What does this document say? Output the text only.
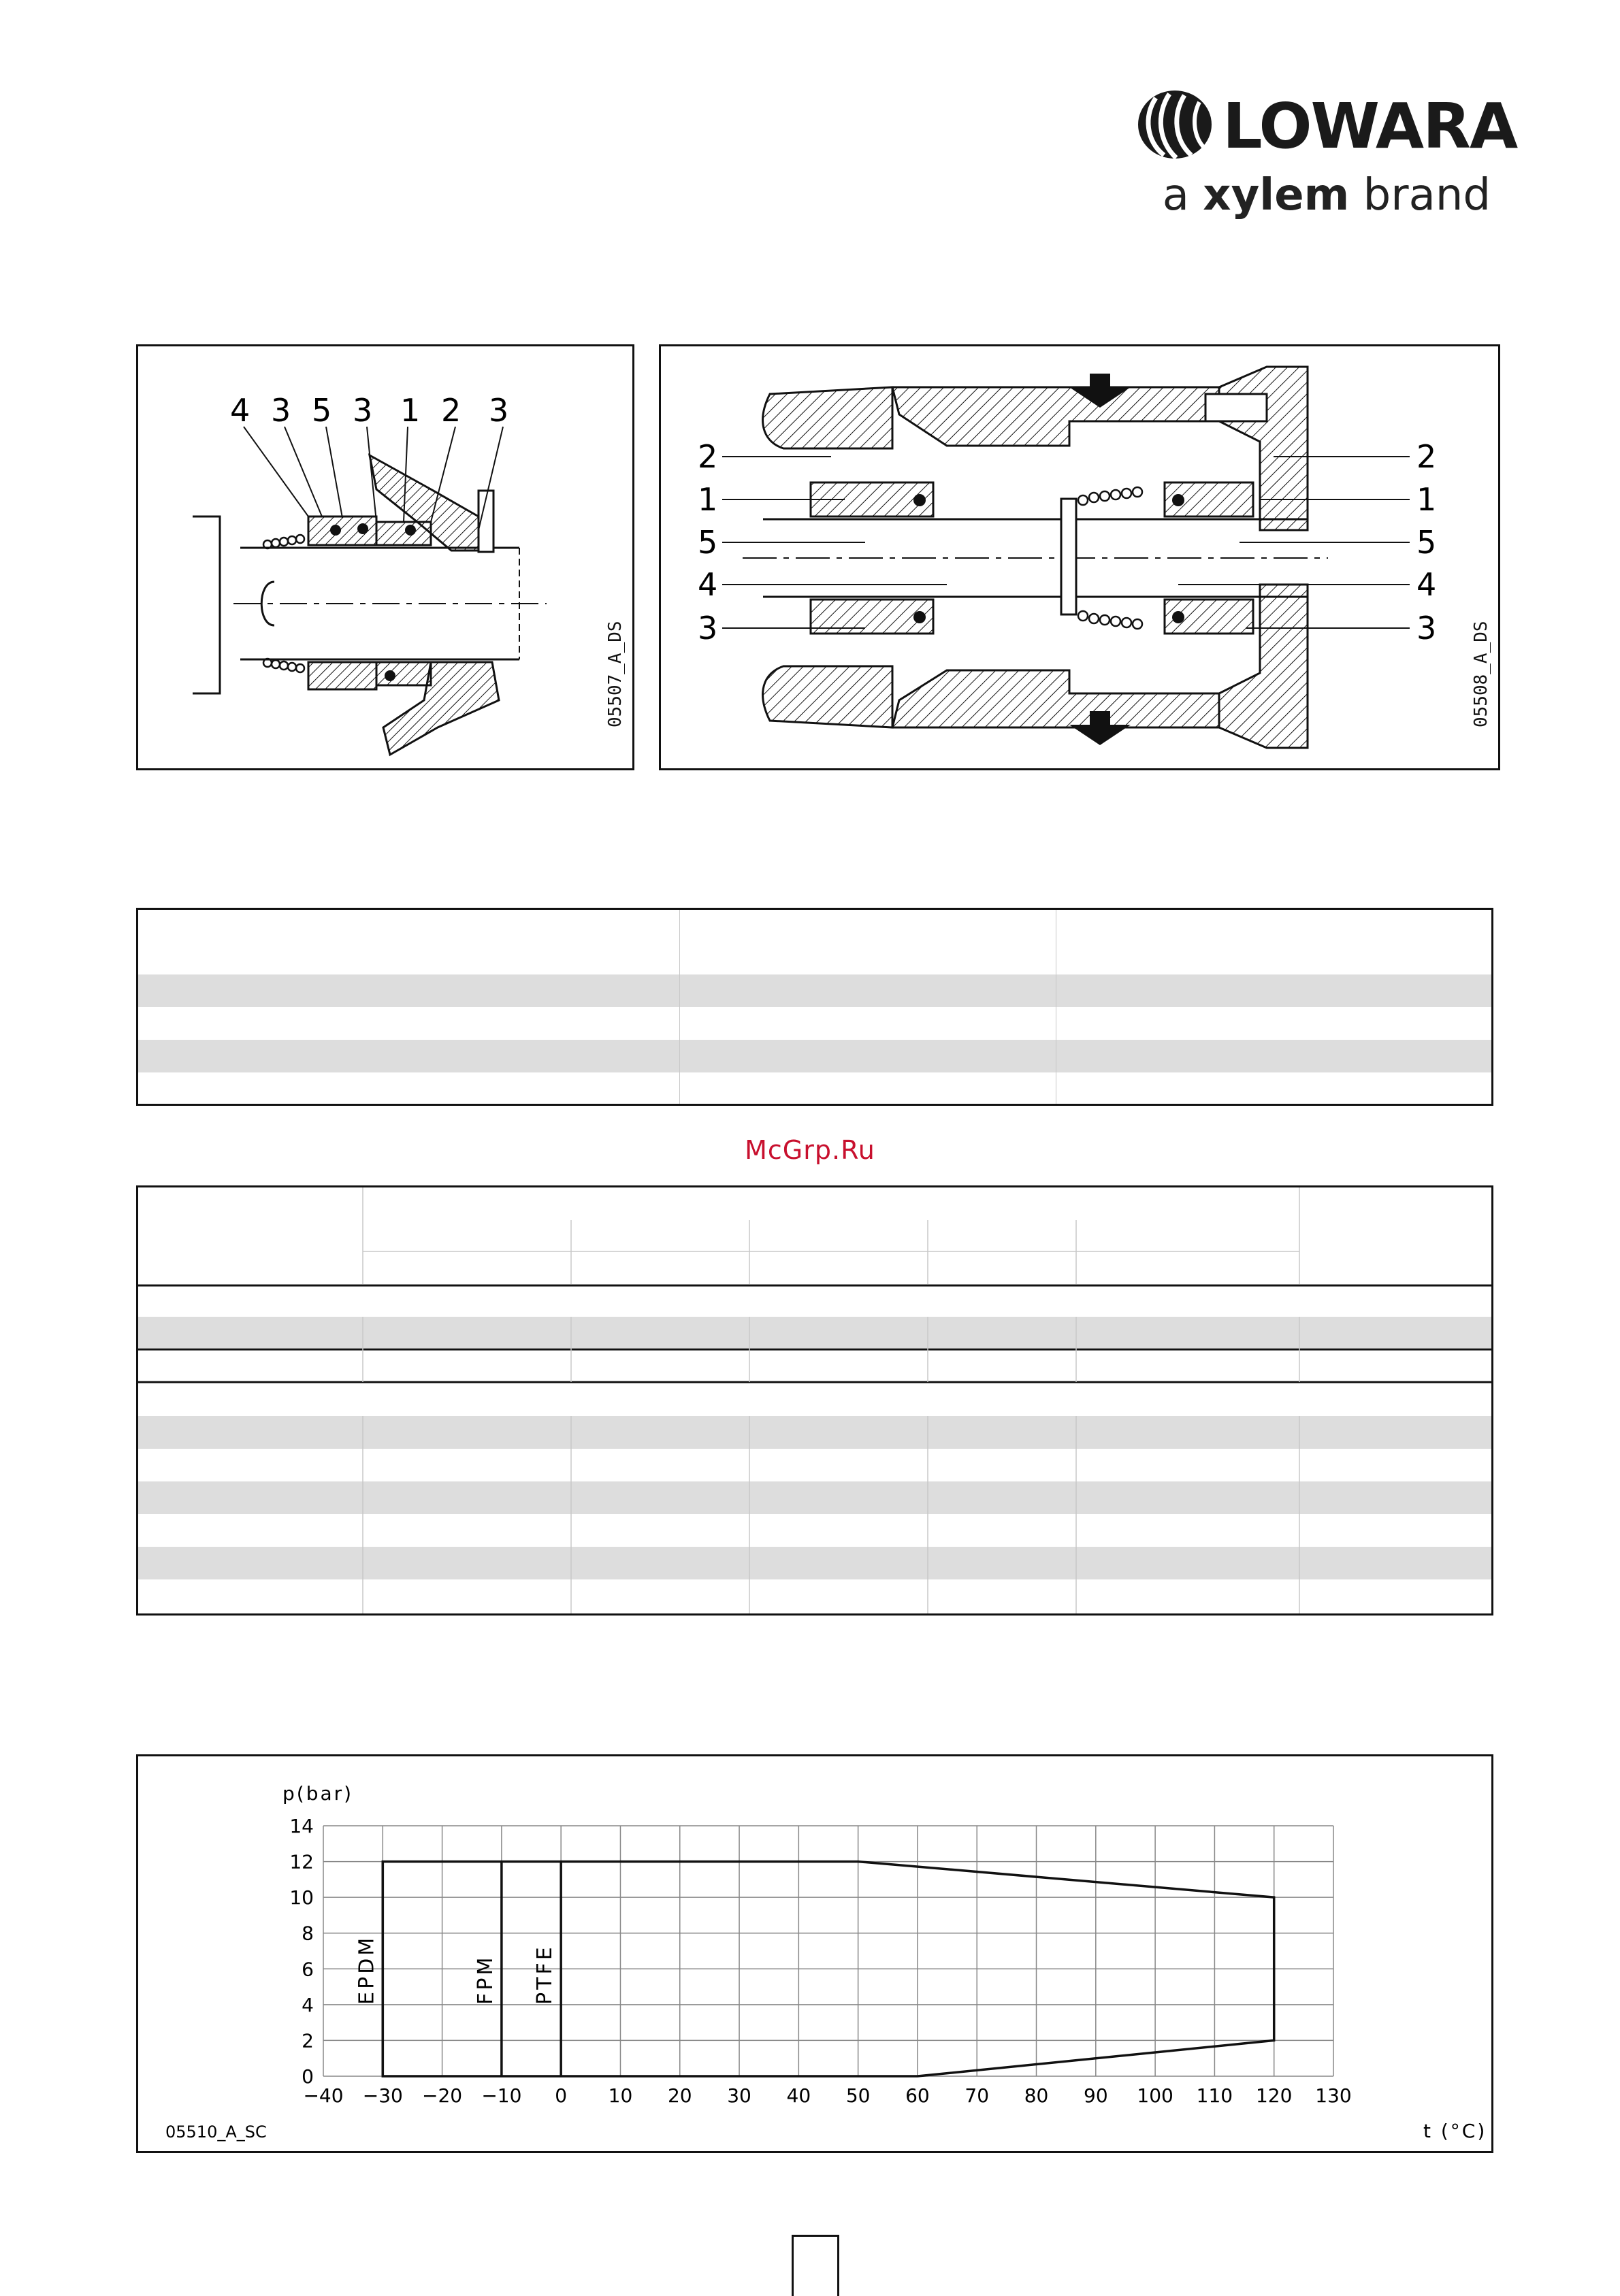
LOWARA
a xylem brand
4 3 5 3 1 2 3
05507_A_DS
2
1
5
4
3
2
1
5
4
3 05508_A_DS

McGrp.Ru
−40 −30 −20 −10 0 10 20 30 40 50 60 70 80 90 100 110 120 130
0
2
4
6
8
10
12
14
EPDM	FPM PTFE
p(bar)
t (°C)
05510_A_SC
